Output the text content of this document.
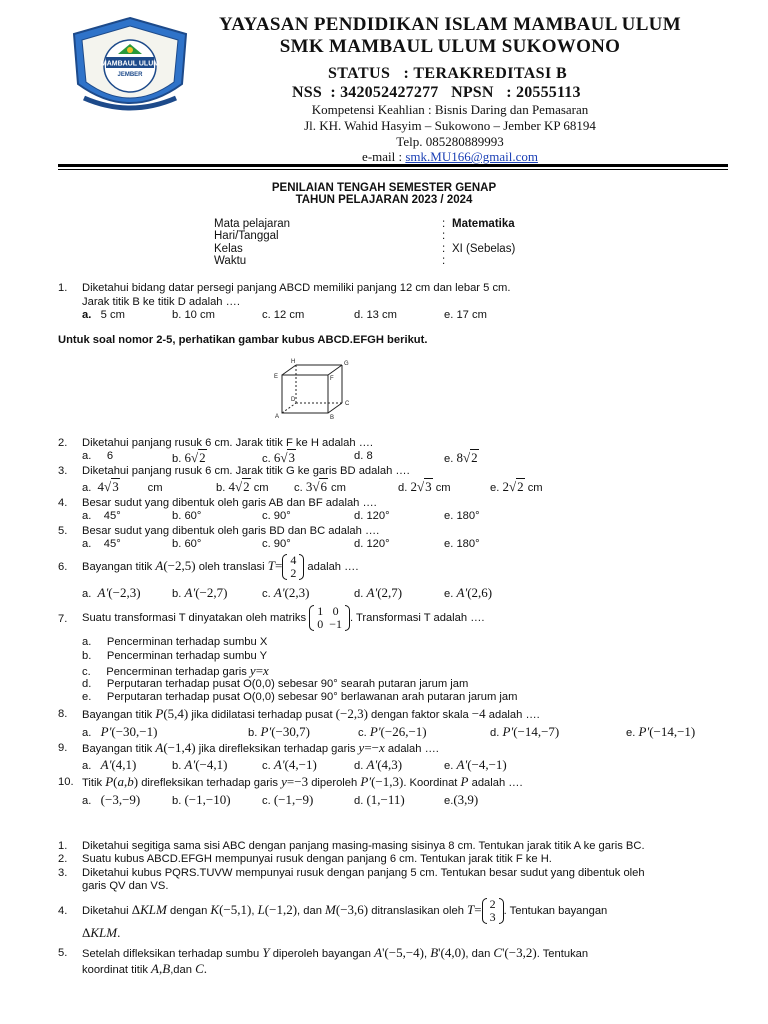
MAMBAUL ULUM
JEMBER
YAYASAN PENDIDIKAN ISLAM MAMBAUL ULUM
SMK MAMBAUL ULUM SUKOWONO
STATUS   : TERAKREDITASI B
NSS  : 342052427277   NPSN   : 20555113
Kompetensi Keahlian : Bisnis Daring dan Pemasaran
Jl. KH. Wahid Hasyim – Sukowono – Jember KP 68194
Telp. 085280889993
e-mail : smk.MU166@gmail.com
PENILAIAN TENGAH SEMESTER GENAP
TAHUN PELAJARAN 2023 / 2024
Mata pelajaran	: Matematika
Hari/Tanggal	:
Kelas	: XI (Sebelas)
Waktu	:
1. Diketahui bidang datar persegi panjang ABCD memiliki panjang 12 cm dan lebar 5 cm.
Jarak titik B ke titik D adalah ….
a. 5 cm	b. 10 cm	c. 12 cm	d. 13 cm	e. 17 cm
Untuk soal nomor 2-5, perhatikan gambar kubus ABCD.EFGH berikut.
A	B
C
D
E	F
G
H
2. Diketahui panjang rusuk 6 cm. Jarak titik F ke H adalah ….
a.     6	b. 6√2	c. 6√3	d. 8	e. 8√2
3. Diketahui panjang rusuk 6 cm. Jarak titik G ke garis BD adalah ….
a.  4√3         cm	b. 4√2 cm c. 3√6 cm	d. 2√3 cm	e. 2√2 cm
4. Besar sudut yang dibentuk oleh garis AB dan BF adalah ….
a.    45°	b. 60°	c. 90°	d. 120°	e. 180°
5. Besar sudut yang dibentuk oleh garis BD dan BC adalah ….
a.    45°	b. 60°	c. 90°	d. 120°	e. 180°
6. Bayangan titik A(−2,5) oleh translasi T= 4
2 adalah ….
a.  A'(−2,3)	b. A'(−2,7)	c. A'(2,3)	d. A'(2,7)	e. A'(2,6)
7. Suatu transformasi T dinyatakan oleh matriks 1	0
0	−1 . Transformasi T adalah ….
a.     Pencerminan terhadap sumbu X
b.     Pencerminan terhadap sumbu Y
c.     Pencerminan terhadap garis y=x
d.     Perputaran terhadap pusat O(0,0) sebesar 90° searah putaran jarum jam
e.     Perputaran terhadap pusat O(0,0) sebesar 90° berlawanan arah putaran jarum jam
8. Bayangan titik P(5,4) jika didilatasi terhadap pusat (−2,3) dengan faktor skala −4 adalah ….
a.   P'(−30,−1)	b. P'(−30,7)	c. P'(−26,−1)	d. P'(−14,−7)	e. P'(−14,−1)
9. Bayangan titik A(−1,4) jika direfleksikan terhadap garis y=−x adalah ….
a.   A'(4,1)	b. A'(−4,1)	c. A'(4,−1)	d. A'(4,3)	e. A'(−4,−1)
10. Titik P(a,b) direfleksikan terhadap garis y=−3 diperoleh P'(−1,3). Koordinat P adalah ….
a.   (−3,−9)	b. (−1,−10)	c. (−1,−9)	d. (1,−11)	e.(3,9)
1. Diketahui segitiga sama sisi ABC dengan panjang masing-masing sisinya 8 cm. Tentukan jarak titik A ke garis BC.
2. Suatu kubus ABCD.EFGH mempunyai rusuk dengan panjang 6 cm. Tentukan jarak titik F ke H.
3. Diketahui kubus PQRS.TUVW mempunyai rusuk dengan panjang 5 cm. Tentukan besar sudut yang dibentuk oleh
garis QV dan VS.
4. Diketahui ΔKLM dengan K(−5,1), L(−1,2), dan M(−3,6) ditranslasikan oleh T= 2
3 . Tentukan bayangan
ΔKLM.
5. Setelah difleksikan terhadap sumbu Y diperoleh bayangan A'(−5,−4), B'(4,0), dan C'(−3,2). Tentukan
koordinat titik A,B,dan C.
